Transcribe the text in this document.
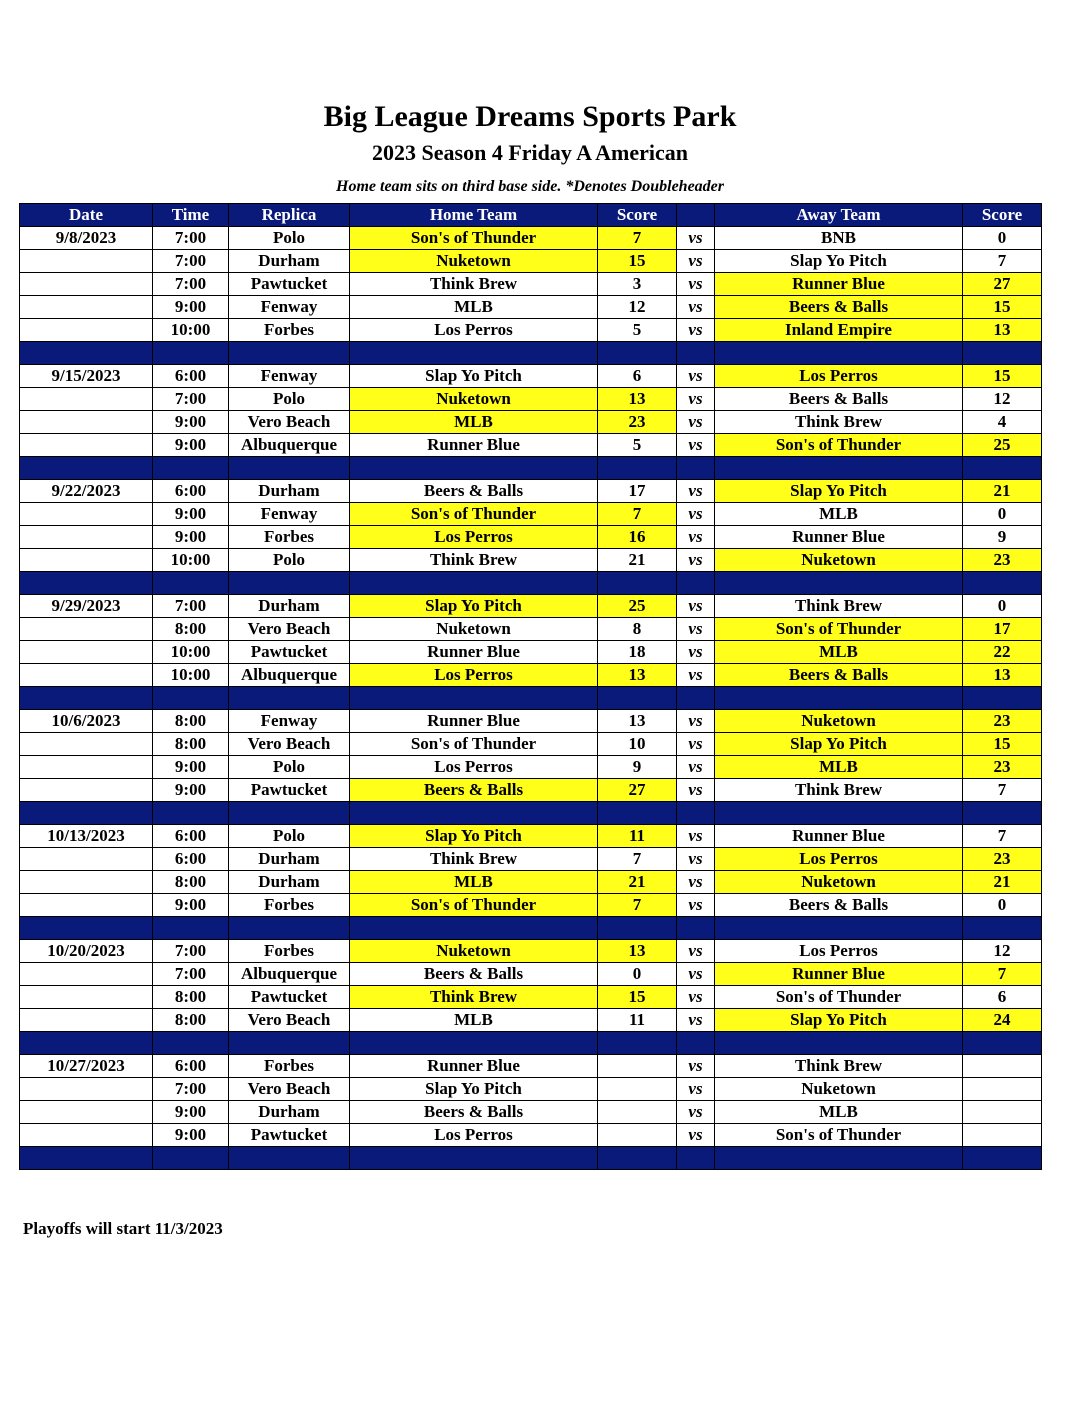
Big League Dreams Sports Park
2023 Season 4 Friday A American
Home team sits on third base side. *Denotes Doubleheader
Date	Time	Replica	Home Team	Score		Away Team	Score
9/8/2023	7:00	Polo	Son's of Thunder	7	vs	BNB	0
	7:00	Durham	Nuketown	15	vs	Slap Yo Pitch	7
	7:00	Pawtucket	Think Brew	3	vs	Runner Blue	27
	9:00	Fenway	MLB	12	vs	Beers & Balls	15
	10:00	Forbes	Los Perros	5	vs	Inland Empire	13

9/15/2023	6:00	Fenway	Slap Yo Pitch	6	vs	Los Perros	15
	7:00	Polo	Nuketown	13	vs	Beers & Balls	12
	9:00	Vero Beach	MLB	23	vs	Think Brew	4
	9:00	Albuquerque	Runner Blue	5	vs	Son's of Thunder	25

9/22/2023	6:00	Durham	Beers & Balls	17	vs	Slap Yo Pitch	21
	9:00	Fenway	Son's of Thunder	7	vs	MLB	0
	9:00	Forbes	Los Perros	16	vs	Runner Blue	9
	10:00	Polo	Think Brew	21	vs	Nuketown	23

9/29/2023	7:00	Durham	Slap Yo Pitch	25	vs	Think Brew	0
	8:00	Vero Beach	Nuketown	8	vs	Son's of Thunder	17
	10:00	Pawtucket	Runner Blue	18	vs	MLB	22
	10:00	Albuquerque	Los Perros	13	vs	Beers & Balls	13

10/6/2023	8:00	Fenway	Runner Blue	13	vs	Nuketown	23
	8:00	Vero Beach	Son's of Thunder	10	vs	Slap Yo Pitch	15
	9:00	Polo	Los Perros	9	vs	MLB	23
	9:00	Pawtucket	Beers & Balls	27	vs	Think Brew	7

10/13/2023	6:00	Polo	Slap Yo Pitch	11	vs	Runner Blue	7
	6:00	Durham	Think Brew	7	vs	Los Perros	23
	8:00	Durham	MLB	21	vs	Nuketown	21
	9:00	Forbes	Son's of Thunder	7	vs	Beers & Balls	0

10/20/2023	7:00	Forbes	Nuketown	13	vs	Los Perros	12
	7:00	Albuquerque	Beers & Balls	0	vs	Runner Blue	7
	8:00	Pawtucket	Think Brew	15	vs	Son's of Thunder	6
	8:00	Vero Beach	MLB	11	vs	Slap Yo Pitch	24

10/27/2023	6:00	Forbes	Runner Blue		vs	Think Brew	
	7:00	Vero Beach	Slap Yo Pitch		vs	Nuketown	
	9:00	Durham	Beers & Balls		vs	MLB	
	9:00	Pawtucket	Los Perros		vs	Son's of Thunder	

Playoffs will start 11/3/2023
